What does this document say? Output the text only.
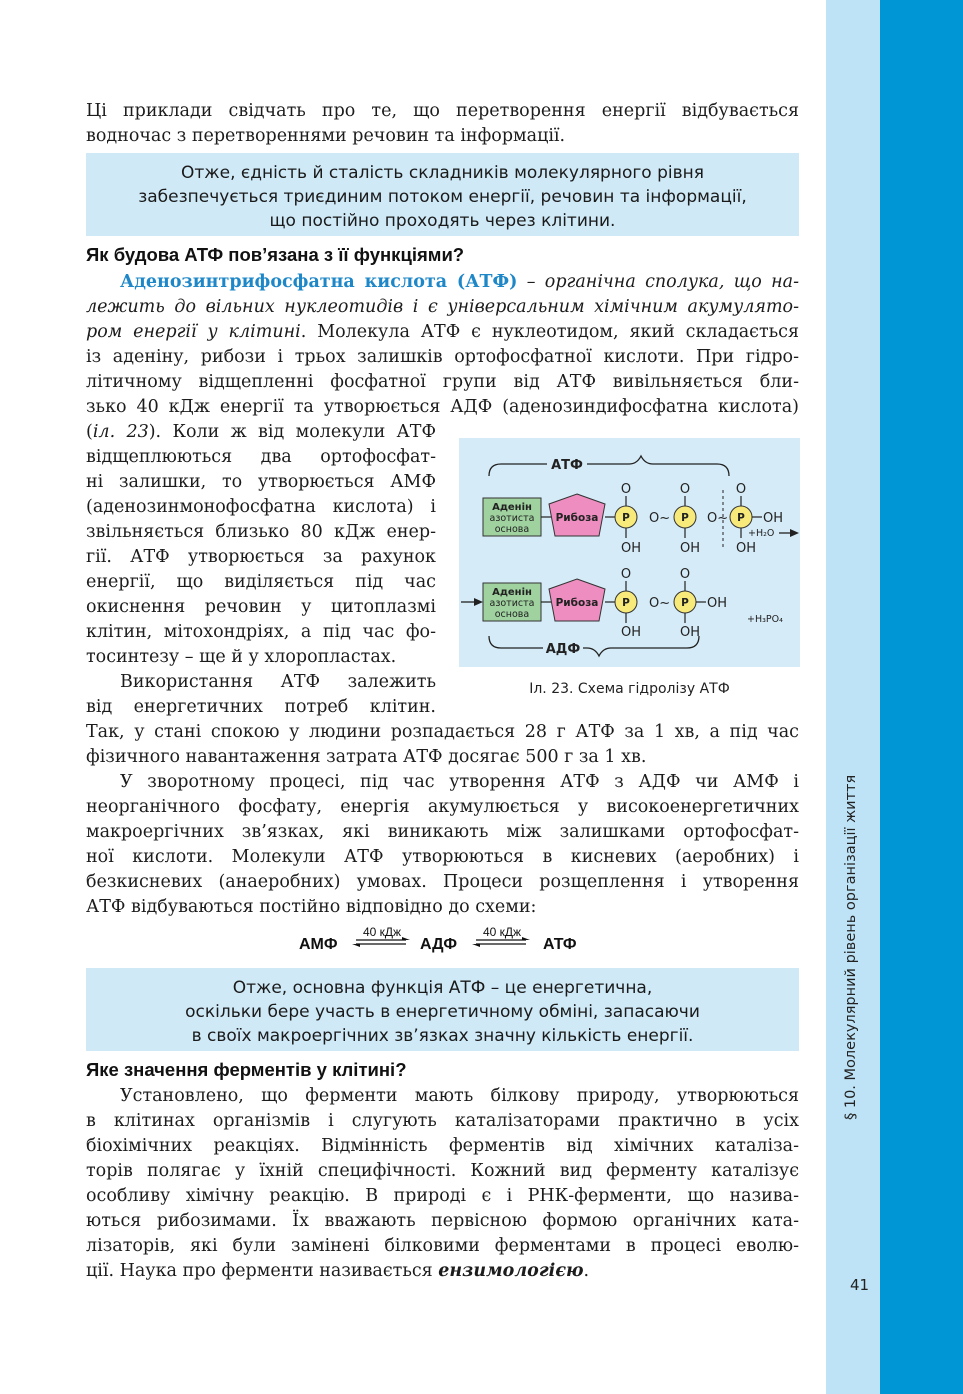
§ 10. Молекулярний рівень організації життя
41
Ці приклади свідчать про те, що перетворення енергії відбувається
водночас з перетвореннями речовин та інформації.
Отже, єдність й сталість складників молекулярного рівня
забезпечується триєдиним потоком енергії, речовин та інформації,
що постійно проходять через клітини.
Як будова АТФ пов’язана з її функціями?
Аденозинтрифосфатна кислота (АТФ) – органічна сполука, що на-
лежить до вільних нуклеотидів і є універсальним хімічним акумулято-
ром енергії у клітині. Молекула АТФ є нуклеотидом, який складається
із аденіну, рибози і трьох залишків ортофосфатної кислоти. При гідро-
літичному відщепленні фосфатної групи від АТФ вивільняється бли-
зько 40 кДж енергії та утворюється АДФ (аденозиндифосфатна кислота)
(іл. 23). Коли ж від молекули АТФ
відщеплюються два ортофосфат-
ні залишки, то утворюється АМФ
(аденозинмонофосфатна кислота) і
звільняється близько 80 кДж енер-
гії. АТФ утворюється за рахунок
енергії, що виділяється під час
окиснення речовин у цитоплазмі
клітин, мітохондріях, а під час фо-
тосинтезу – ще й у хлоропластах.
Використання АТФ залежить
від енергетичних потреб клітин.
АТФ
Аденін
азотиста
основа
Рибоза
O
P
OH
O~
O
P
OH
O~
O
P
OH
OH
+H₂O
Аденін
азотиста
основа
Рибоза
O
P
OH
O~
O
P
OH
OH
+H₃PO₄
АДФ
Іл. 23. Схема гідролізу АТФ
Так, у стані спокою у людини розпадається 28 г АТФ за 1 хв, а під час
фізичного навантаження затрата АТФ досягає 500 г за 1 хв.
У зворотному процесі, під час утворення АТФ з АДФ чи АМФ і
неорганічного фосфату, енергія акумулюється у високоенергетичних
макроергічних зв’язках, які виникають між залишками ортофосфат-
ної кислоти. Молекули АТФ утворюються в кисневих (аеробних) і
безкисневих (анаеробних) умовах. Процеси розщеплення і утворення
АТФ відбуваються постійно відповідно до схеми:
АМФ
40 кДж
АДФ
40 кДж
АТФ
Отже, основна функція АТФ – це енергетична,
оскільки бере участь в енергетичному обміні, запасаючи
в своїх макроергічних зв’язках значну кількість енергії.
Яке значення ферментів у клітині?
Установлено, що ферменти мають білкову природу, утворюються
в клітинах організмів і слугують каталізаторами практично в усіх
біохімічних реакціях. Відмінність ферментів від хімічних каталіза-
торів полягає у їхній специфічності. Кожний вид ферменту каталізує
особливу хімічну реакцію. В природі є і РНК-ферменти, що назива-
ються рибозимами. Їх вважають первісною формою органічних ката-
лізаторів, які були замінені білковими ферментами в процесі еволю-
ції. Наука про ферменти називається ензимологією.
